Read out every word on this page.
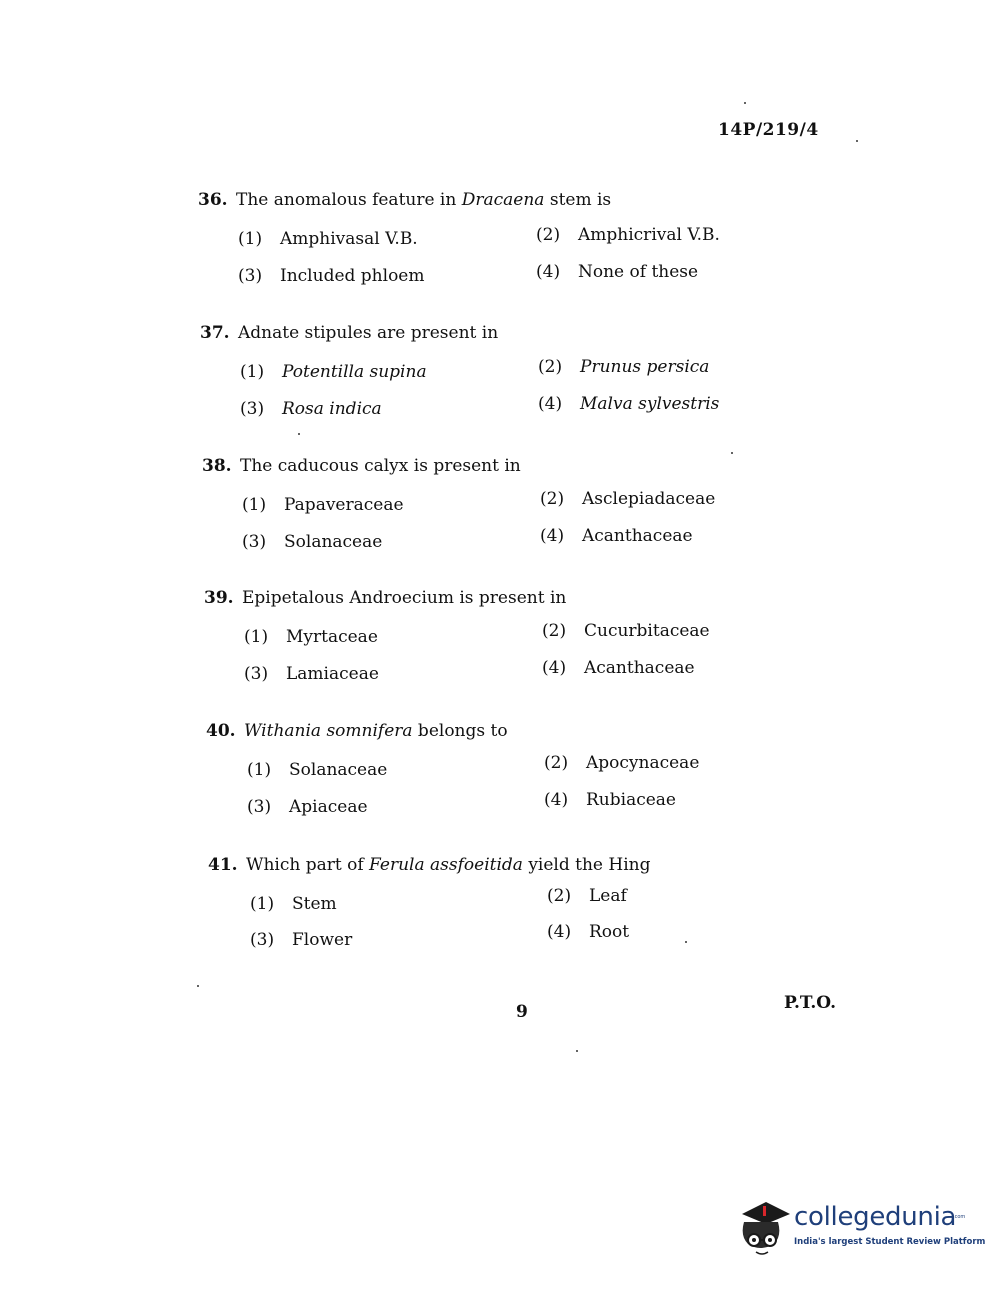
14P/219/4
36. The anomalous feature in Dracaena stem is
(1) Amphivasal V.B.	(2) Amphicrival V.B.
(3) Included phloem	(4) None of these
37. Adnate stipules are present in
(1) Potentilla supina	(2) Prunus persica
(3) Rosa indica	(4) Malva sylvestris
38. The caducous calyx is present in
(1) Papaveraceae	(2) Asclepiadaceae
(3) Solanaceae	(4) Acanthaceae
39. Epipetalous Androecium is present in
(1) Myrtaceae	(2) Cucurbitaceae
(3) Lamiaceae	(4) Acanthaceae
40. Withania somnifera belongs to
(1) Solanaceae	(2) Apocynaceae
(3) Apiaceae	(4) Rubiaceae
41. Which part of Ferula assfoeitida yield the Hing
(1) Stem	(2) Leaf
(3) Flower	(4) Root
9	P.T.O.
collegedunia
.com
India's largest Student Review Platform
